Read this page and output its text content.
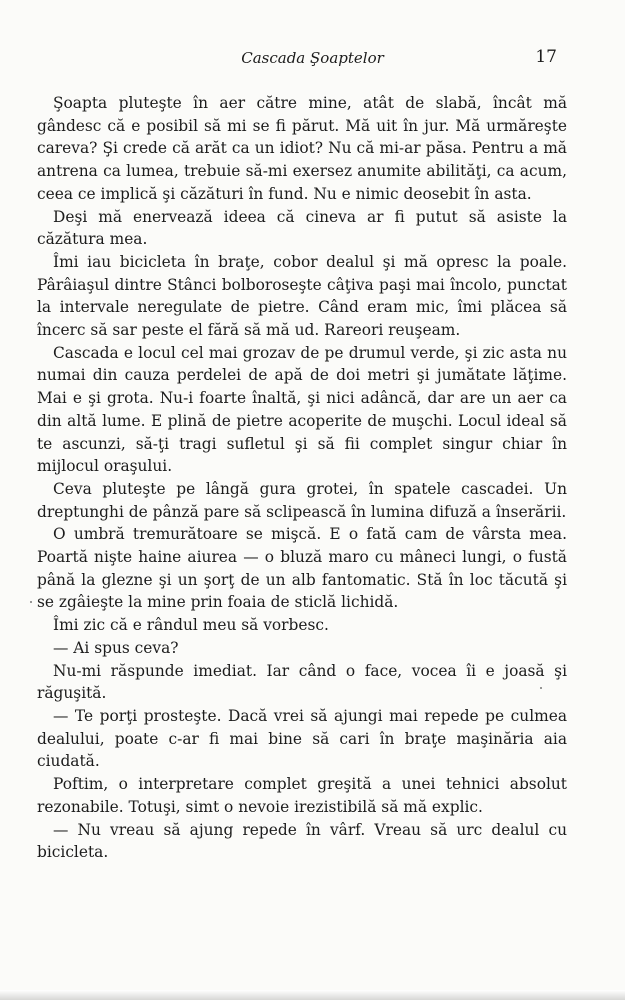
Cascada Şoaptelor	17

Şoapta pluteşte în aer către mine, atât de slabă, încât mă gândesc că e posibil să mi se fi părut. Mă uit în jur. Mă urmăreşte careva? Şi crede că arăt ca un idiot? Nu că mi-ar păsa. Pentru a mă antrena ca lumea, trebuie să-mi exersez anumite abilităţi, ca acum, ceea ce implică şi căzături în fund. Nu e nimic deosebit în asta.

Deşi mă enervează ideea că cineva ar fi putut să asiste la căzătura mea.

Îmi iau bicicleta în braţe, cobor dealul şi mă opresc la poale. Pârâiaşul dintre Stânci bolboroseşte câţiva paşi mai încolo, punctat la intervale neregulate de pietre. Când eram mic, îmi plăcea să încerc să sar peste el fără să mă ud. Rareori reuşeam.

Cascada e locul cel mai grozav de pe drumul verde, şi zic asta nu numai din cauza perdelei de apă de doi metri şi jumătate lăţime. Mai e şi grota. Nu-i foarte înaltă, şi nici adâncă, dar are un aer ca din altă lume. E plină de pietre acoperite de muşchi. Locul ideal să te ascunzi, să-ţi tragi sufletul şi să fii complet singur chiar în mijlocul oraşului.

Ceva pluteşte pe lângă gura grotei, în spatele cascadei. Un dreptunghi de pânză pare să sclipească în lumina difuză a înserării.

O umbră tremurătoare se mişcă. E o fată cam de vârsta mea. Poartă nişte haine aiurea — o bluză maro cu mâneci lungi, o fustă până la glezne şi un şorţ de un alb fantomatic. Stă în loc tăcută şi se zgâieşte la mine prin foaia de sticlă lichidă.

Îmi zic că e rândul meu să vorbesc.

— Ai spus ceva?

Nu-mi răspunde imediat. Iar când o face, vocea îi e joasă şi răguşită.

— Te porţi prosteşte. Dacă vrei să ajungi mai repede pe culmea dealului, poate c-ar fi mai bine să cari în braţe maşinăria aia ciudată.

Poftim, o interpretare complet greşită a unei tehnici absolut rezonabile. Totuşi, simt o nevoie irezistibilă să mă explic.

— Nu vreau să ajung repede în vârf. Vreau să urc dealul cu bicicleta.
